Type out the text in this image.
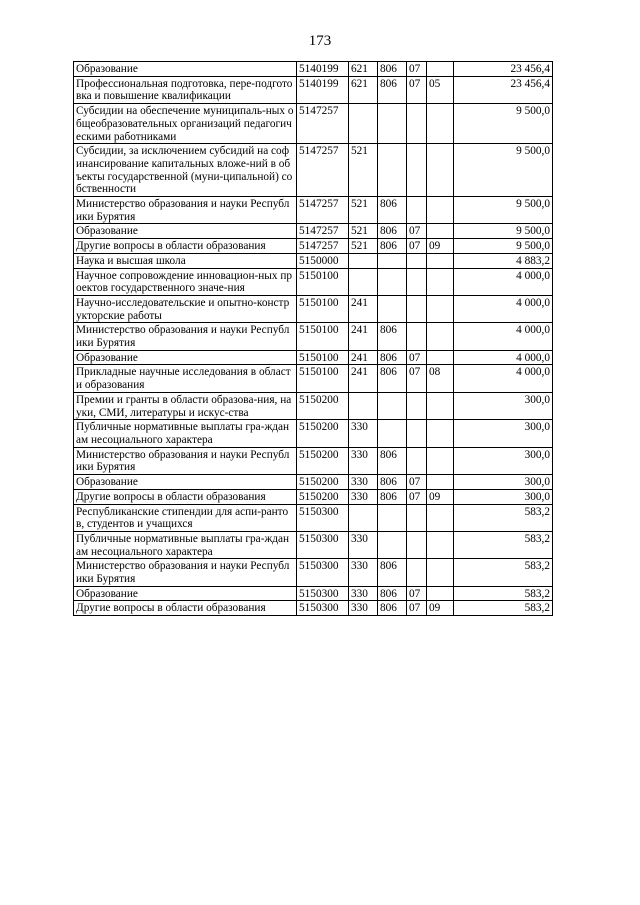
173
Образование	5140199	621	806	07		23 456,4
Профессиональная подготовка, пере-подготовка и повышение квалификации	5140199	621	806	07	05	23 456,4
Субсидии на обеспечение муниципаль-ных общеобразовательных организаций педагогическими работниками	5147257					9 500,0
Субсидии, за исключением субсидий на софинансирование капитальных вложе-ний в объекты государственной (муни-ципальной) собственности	5147257	521				9 500,0
Министерство образования и науки Республики Бурятия	5147257	521	806			9 500,0
Образование	5147257	521	806	07		9 500,0
Другие вопросы в области образования	5147257	521	806	07	09	9 500,0
Наука и высшая школа	5150000					4 883,2
Научное сопровождение инновацион-ных проектов государственного значе-ния	5150100					4 000,0
Научно-исследовательские и опытно-конструкторские работы	5150100	241				4 000,0
Министерство образования и науки Республики Бурятия	5150100	241	806			4 000,0
Образование	5150100	241	806	07		4 000,0
Прикладные научные исследования в области образования	5150100	241	806	07	08	4 000,0
Премии и гранты в области образова-ния, науки, СМИ, литературы и искус-ства	5150200					300,0
Публичные нормативные выплаты гра-жданам несоциального характера	5150200	330				300,0
Министерство образования и науки Республики Бурятия	5150200	330	806			300,0
Образование	5150200	330	806	07		300,0
Другие вопросы в области образования	5150200	330	806	07	09	300,0
Республиканские стипендии для аспи-рантов, студентов и учащихся	5150300					583,2
Публичные нормативные выплаты гра-жданам несоциального характера	5150300	330				583,2
Министерство образования и науки Республики Бурятия	5150300	330	806			583,2
Образование	5150300	330	806	07		583,2
Другие вопросы в области образования	5150300	330	806	07	09	583,2
